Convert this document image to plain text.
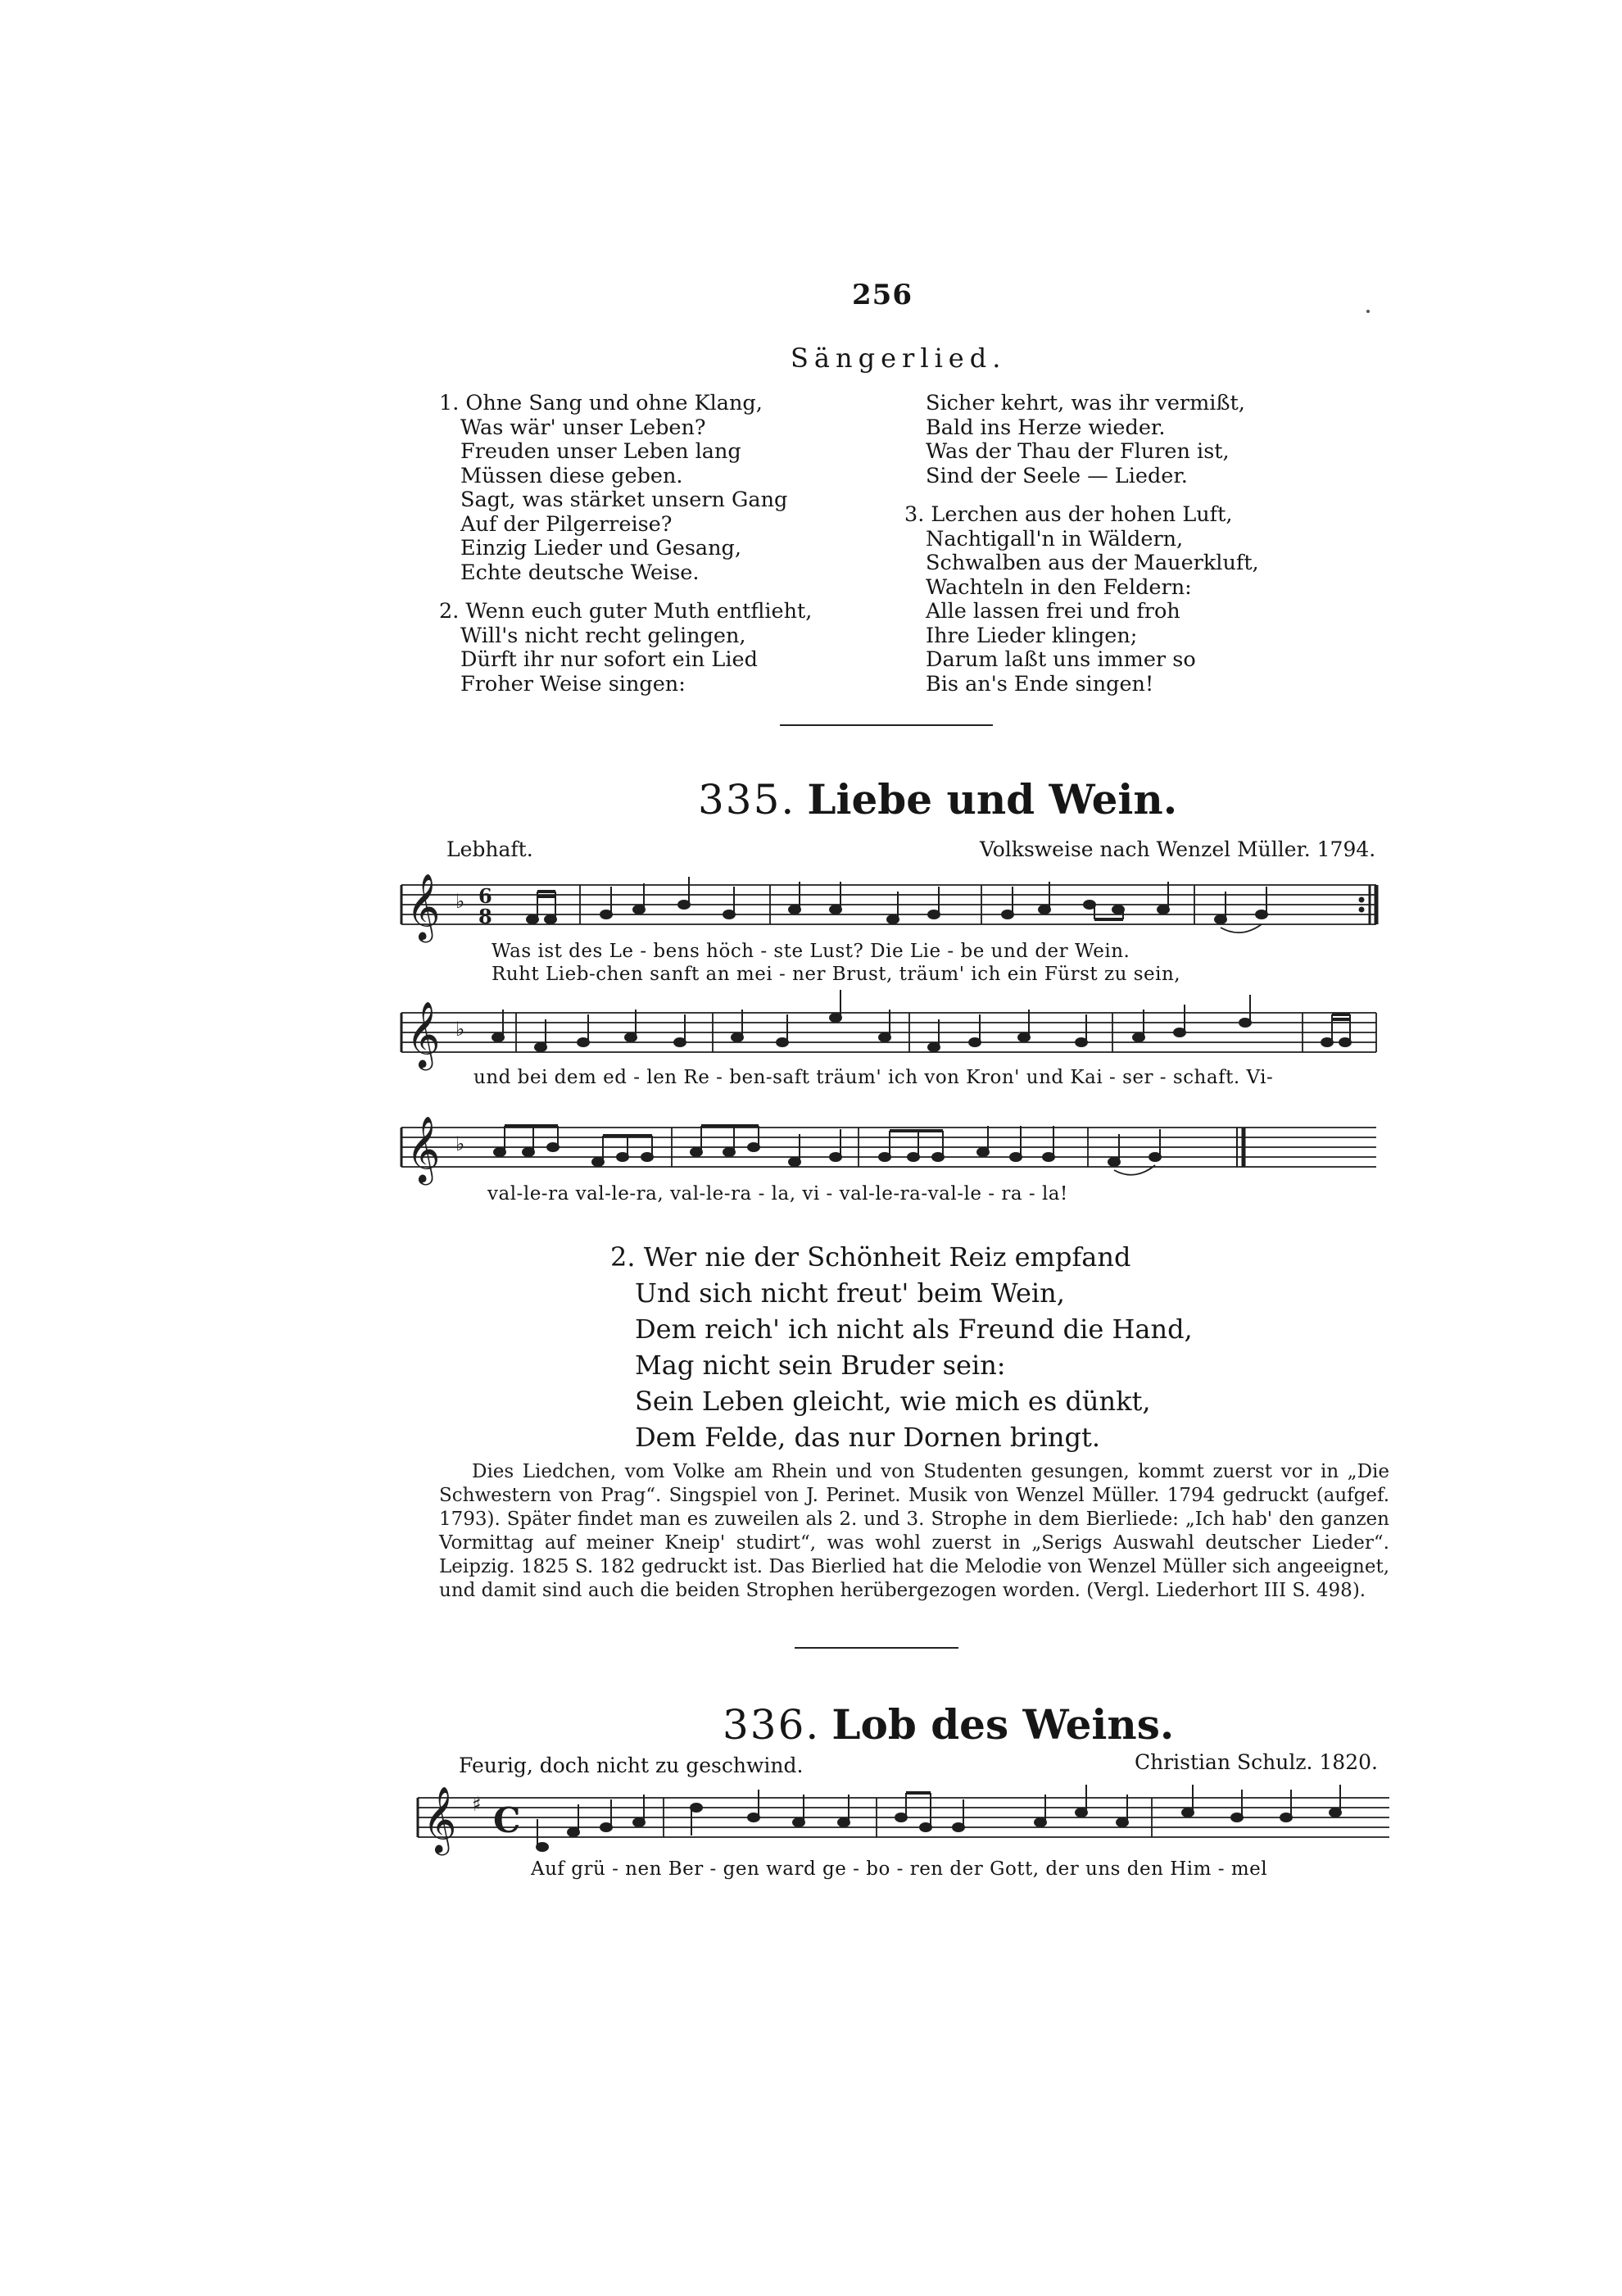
256
Sängerlied.
1. Ohne Sang und ohne Klang,
Was wär' unser Leben?
Freuden unser Leben lang
Müssen diese geben.
Sagt, was stärket unsern Gang
Auf der Pilgerreise?
Einzig Lieder und Gesang,
Echte deutsche Weise.
2. Wenn euch guter Muth entflieht,
Will's nicht recht gelingen,
Dürft ihr nur sofort ein Lied
Froher Weise singen:
Sicher kehrt, was ihr vermißt,
Bald ins Herze wieder.
Was der Thau der Fluren ist,
Sind der Seele — Lieder.
3. Lerchen aus der hohen Luft,
Nachtigall'n in Wäldern,
Schwalben aus der Mauerkluft,
Wachteln in den Feldern:
Alle lassen frei und froh
Ihre Lieder klingen;
Darum laßt uns immer so
Bis an's Ende singen!
335. Liebe und Wein.
Lebhaft.	Volksweise nach Wenzel Müller. 1794.
𝄞 ♭ 6
8
Was ist des Le - bens höch - ste Lust? Die Lie - be und der Wein.
Ruht Lieb-chen sanft an mei - ner Brust, träum' ich ein Fürst zu sein,
𝄞 ♭
und bei dem ed - len Re - ben-saft träum' ich von Kron' und Kai - ser - schaft. Vi-
𝄞 ♭
val-le-ra val-le-ra, val-le-ra - la, vi - val-le-ra-val-le - ra - la!
2. Wer nie der Schönheit Reiz empfand
Und sich nicht freut' beim Wein,
Dem reich' ich nicht als Freund die Hand,
Mag nicht sein Bruder sein:
Sein Leben gleicht, wie mich es dünkt,
Dem Felde, das nur Dornen bringt.
Dies Liedchen, vom Volke am Rhein und von Studenten gesungen, kommt zuerst vor in „Die Schwestern von Prag“. Singspiel von J. Perinet. Musik von Wenzel Müller. 1794 gedruckt (aufgef. 1793). Später findet man es zuweilen als 2. und 3. Strophe in dem Bierliede: „Ich hab' den ganzen Vormittag auf meiner Kneip' studirt“, was wohl zuerst in „Serigs Auswahl deutscher Lieder“. Leipzig. 1825 S. 182 gedruckt ist. Das Bierlied hat die Melodie von Wenzel Müller sich angeeignet, und damit sind auch die beiden Strophen herübergezogen worden. (Vergl. Liederhort III S. 498).
336. Lob des Weins.
Feurig, doch nicht zu geschwind.	Christian Schulz. 1820.
𝄞 ♯ C
Auf grü - nen Ber - gen ward ge - bo - ren der Gott, der uns den Him - mel
